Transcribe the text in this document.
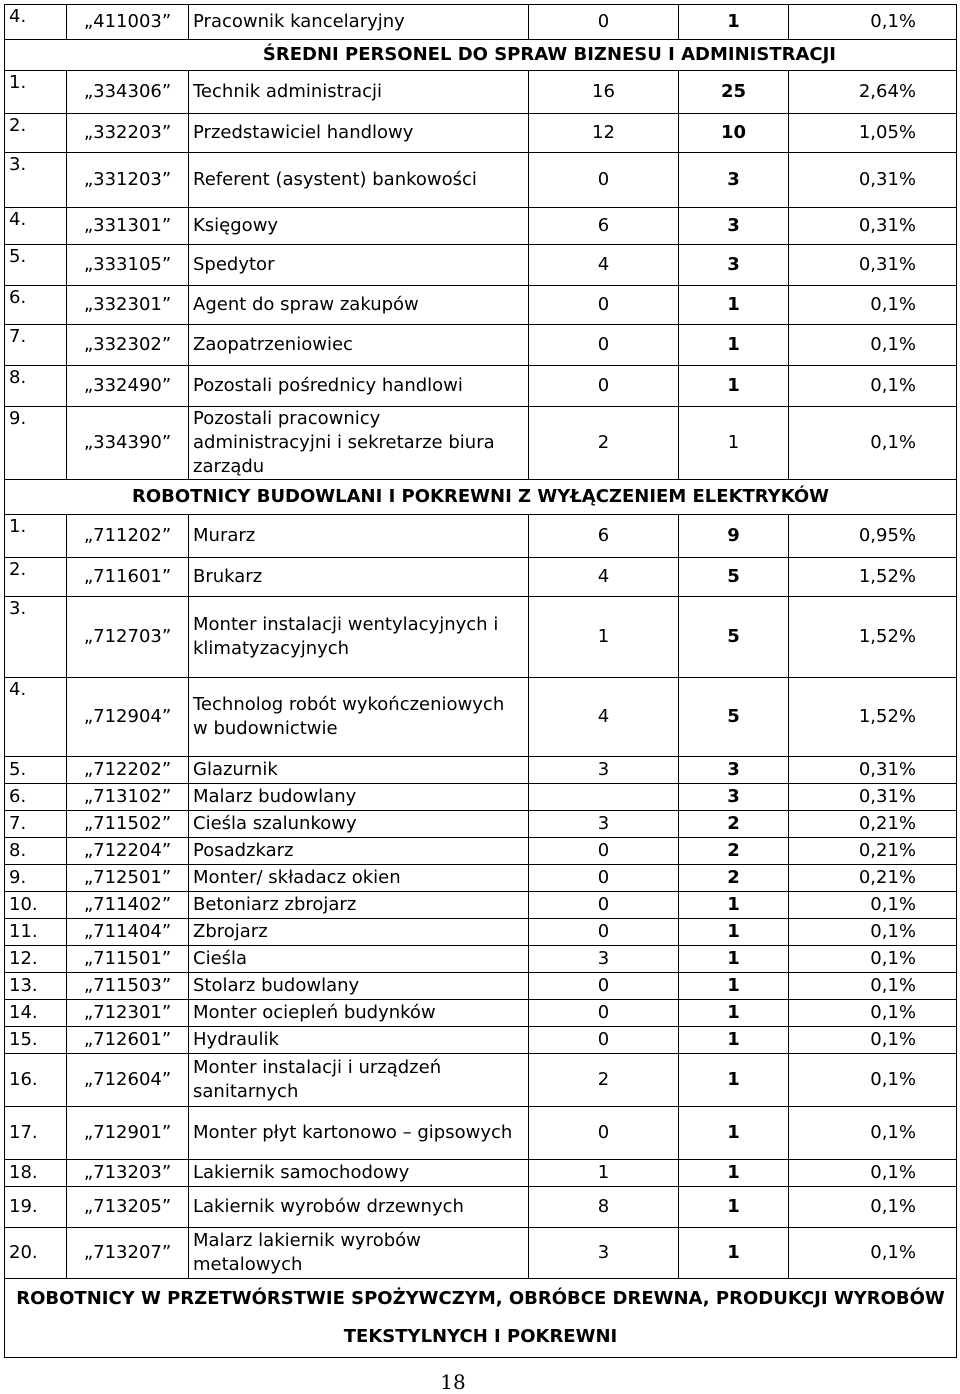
4.	„411003”	Pracownik kancelaryjny	0	1	0,1%
ŚREDNI PERSONEL DO SPRAW BIZNESU I ADMINISTRACJI					
1.	„334306”	Technik administracji	16	25	2,64%
2.	„332203”	Przedstawiciel handlowy	12	10	1,05%
3.	„331203”	Referent (asystent) bankowości	0	3	0,31%
4.	„331301”	Księgowy	6	3	0,31%
5.	„333105”	Spedytor	4	3	0,31%
6.	„332301”	Agent do spraw zakupów	0	1	0,1%
7.	„332302”	Zaopatrzeniowiec	0	1	0,1%
8.	„332490”	Pozostali pośrednicy handlowi	0	1	0,1%
9.	„334390”	Pozostali pracownicy administracyjni i sekretarze biura zarządu	2	1	0,1%
ROBOTNICY BUDOWLANI I POKREWNI Z WYŁĄCZENIEM ELEKTRYKÓW					
1.	„711202”	Murarz	6	9	0,95%
2.	„711601”	Brukarz	4	5	1,52%
3.	„712703”	Monter instalacji wentylacyjnych i klimatyzacyjnych	1	5	1,52%
4.	„712904”	Technolog robót wykończeniowych w budownictwie	4	5	1,52%
5.	„712202”	Glazurnik	3	3	0,31%
6.	„713102”	Malarz budowlany		3	0,31%
7.	„711502”	Cieśla szalunkowy	3	2	0,21%
8.	„712204”	Posadzkarz	0	2	0,21%
9.	„712501”	Monter/ składacz okien	0	2	0,21%
10.	„711402”	Betoniarz zbrojarz	0	1	0,1%
11.	„711404”	Zbrojarz	0	1	0,1%
12.	„711501”	Cieśla	3	1	0,1%
13.	„711503”	Stolarz budowlany	0	1	0,1%
14.	„712301”	Monter ociepleń budynków	0	1	0,1%
15.	„712601”	Hydraulik	0	1	0,1%
16.	„712604”	Monter instalacji i urządzeń sanitarnych	2	1	0,1%
17.	„712901”	Monter płyt kartonowo – gipsowych	0	1	0,1%
18.	„713203”	Lakiernik samochodowy	1	1	0,1%
19.	„713205”	Lakiernik wyrobów drzewnych	8	1	0,1%
20.	„713207”	Malarz lakiernik wyrobów metalowych	3	1	0,1%
ROBOTNICY W PRZETWÓRSTWIE SPOŻYWCZYM, OBRÓBCE DREWNA, PRODUKCJI WYROBÓW TEKSTYLNYCH I POKREWNI					
18
